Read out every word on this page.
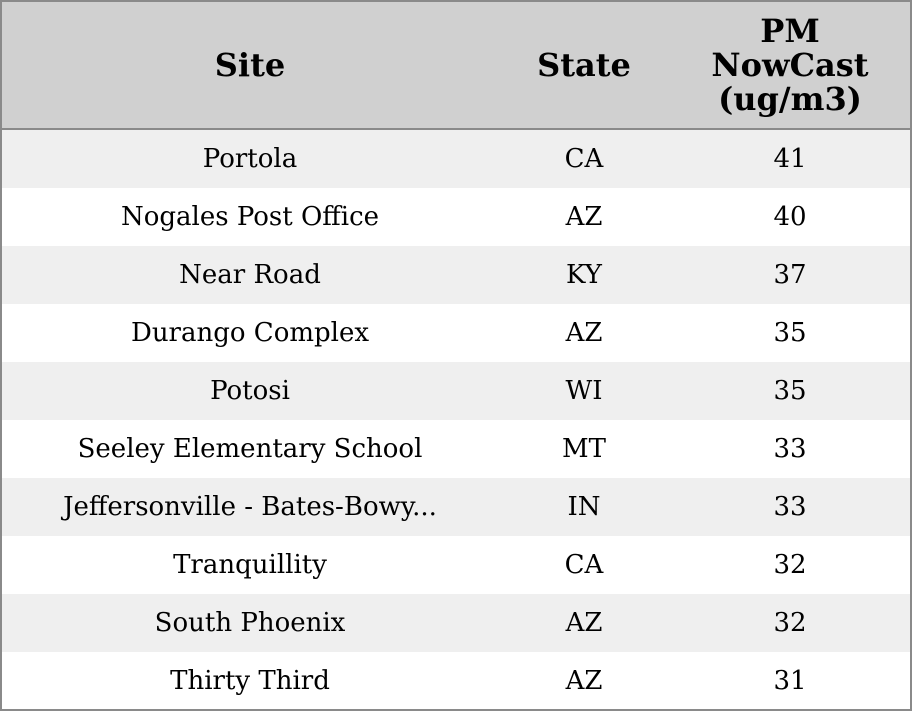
Site	State	PM
NowCast
(ug/m3)
Portola	CA	41
Nogales Post Office	AZ	40
Near Road	KY	37
Durango Complex	AZ	35
Potosi	WI	35
Seeley Elementary School	MT	33
Jeffersonville - Bates-Bowy...	IN	33
Tranquillity	CA	32
South Phoenix	AZ	32
Thirty Third	AZ	31
